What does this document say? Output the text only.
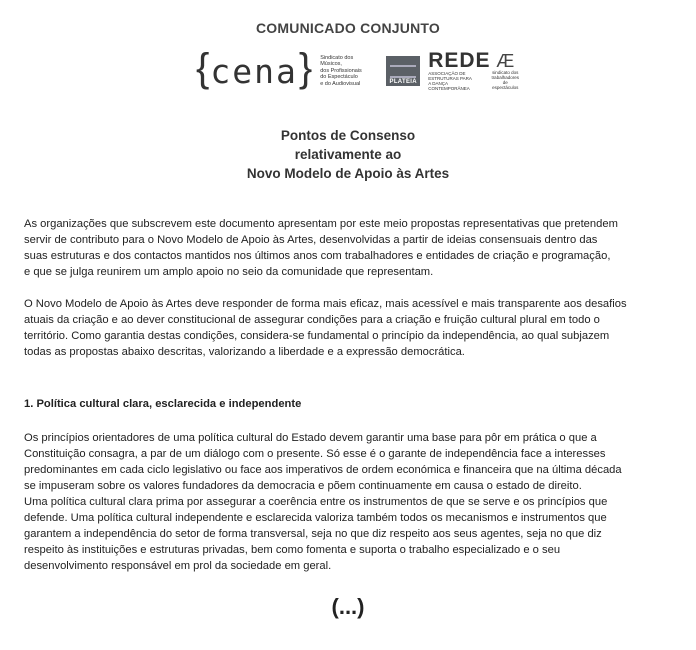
COMUNICADO CONJUNTO
{ cena } Sindicato dos Músicos,
dos Profissionais
do Espectáculo
e do Audiovisual	PLATEIA
REDE
ASSOCIAÇÃO DE ESTRUTURAS PARA
A DANÇA CONTEMPORÂNEA
Æ
sindicato dos
trabalhadores
de espectáculos
Pontos de Consenso
relativamente ao
Novo Modelo de Apoio às Artes
As organizações que subscrevem este documento apresentam por este meio propostas representativas que pretendem
servir de contributo para o Novo Modelo de Apoio às Artes, desenvolvidas a partir de ideias consensuais dentro das
suas estruturas e dos contactos mantidos nos últimos anos com trabalhadores e entidades de criação e programação,
e que se julga reunirem um amplo apoio no seio da comunidade que representam.
O Novo Modelo de Apoio às Artes deve responder de forma mais eficaz, mais acessível e mais transparente aos desafios
atuais da criação e ao dever constitucional de assegurar condições para a criação e fruição cultural plural em todo o
território. Como garantia destas condições, considera-se fundamental o princípio da independência, ao qual subjazem
todas as propostas abaixo descritas, valorizando a liberdade e a expressão democrática.
1. Política cultural clara, esclarecida e independente
Os princípios orientadores de uma política cultural do Estado devem garantir uma base para pôr em prática o que a
Constituição consagra, a par de um diálogo com o presente. Só esse é o garante de independência face a interesses
predominantes em cada ciclo legislativo ou face aos imperativos de ordem económica e financeira que na última década
se impuseram sobre os valores fundadores da democracia e põem continuamente em causa o estado de direito.
Uma política cultural clara prima por assegurar a coerência entre os instrumentos de que se serve e os princípios que
defende. Uma política cultural independente e esclarecida valoriza também todos os mecanismos e instrumentos que
garantem a independência do setor de forma transversal, seja no que diz respeito aos seus agentes, seja no que diz
respeito às instituições e estruturas privadas, bem como fomenta e suporta o trabalho especializado e o seu
desenvolvimento responsável em prol da sociedade em geral.
(...)
